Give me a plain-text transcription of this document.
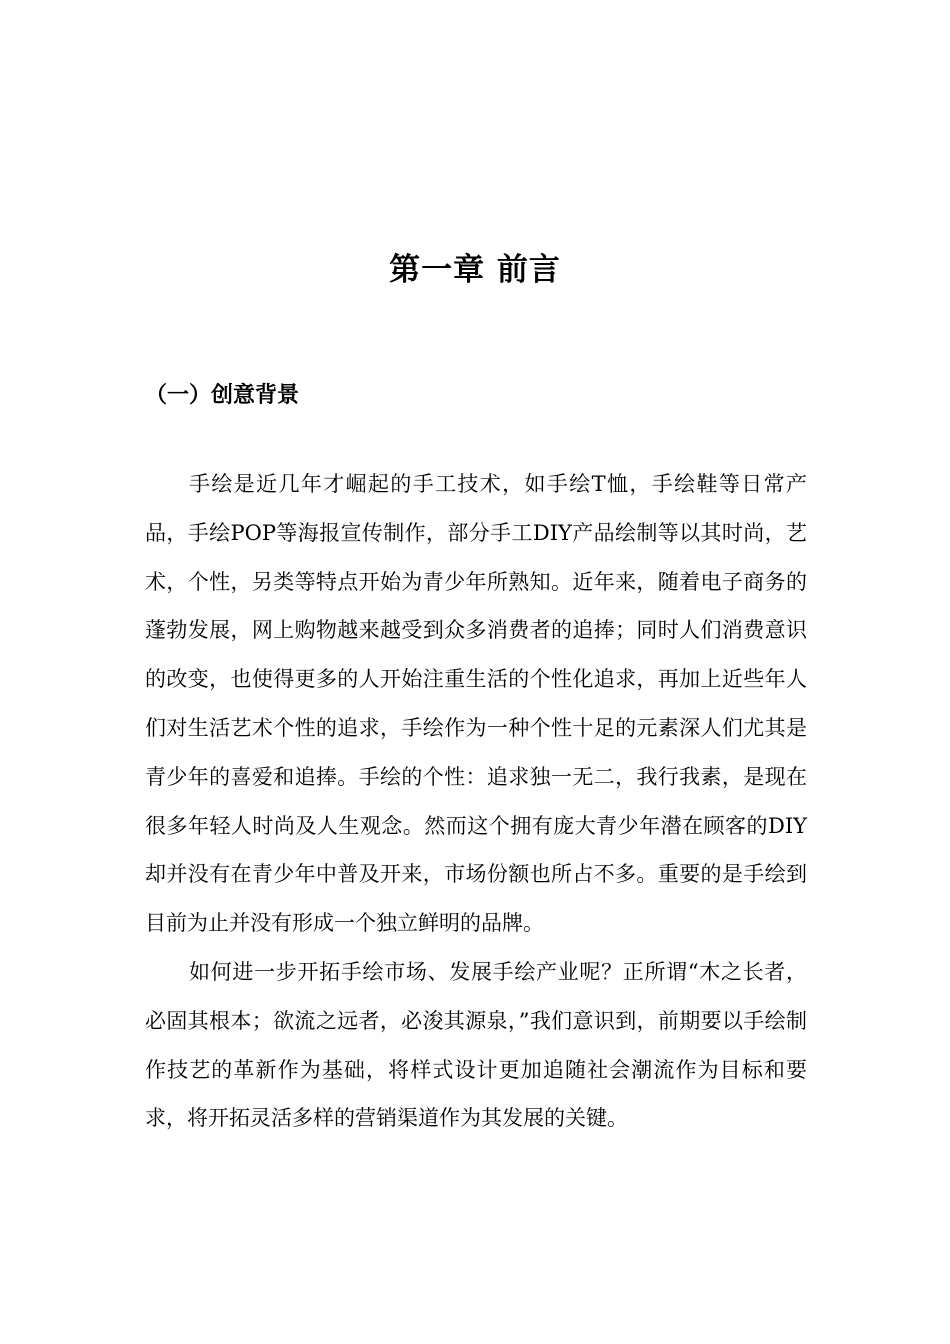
第一章 前言
（一）创意背景

手绘是近几年才崛起的手工技术，如手绘T恤，手绘鞋等日常产品，手绘POP等海报宣传制作，部分手工DIY产品绘制等以其时尚，艺术，个性，另类等特点开始为青少年所熟知。近年来，随着电子商务的蓬勃发展，网上购物越来越受到众多消费者的追捧；同时人们消费意识的改变，也使得更多的人开始注重生活的个性化追求，再加上近些年人们对生活艺术个性的追求，手绘作为一种个性十足的元素深人们尤其是青少年的喜爱和追捧。手绘的个性：追求独一无二，我行我素，是现在很多年轻人时尚及人生观念。然而这个拥有庞大青少年潜在顾客的DIY却并没有在青少年中普及开来，市场份额也所占不多。重要的是手绘到目前为止并没有形成一个独立鲜明的品牌。

如何进一步开拓手绘市场、发展手绘产业呢？正所谓“木之长者，必固其根本；欲流之远者，必浚其源泉，”我们意识到，前期要以手绘制作技艺的革新作为基础，将样式设计更加追随社会潮流作为目标和要求，将开拓灵活多样的营销渠道作为其发展的关键。
